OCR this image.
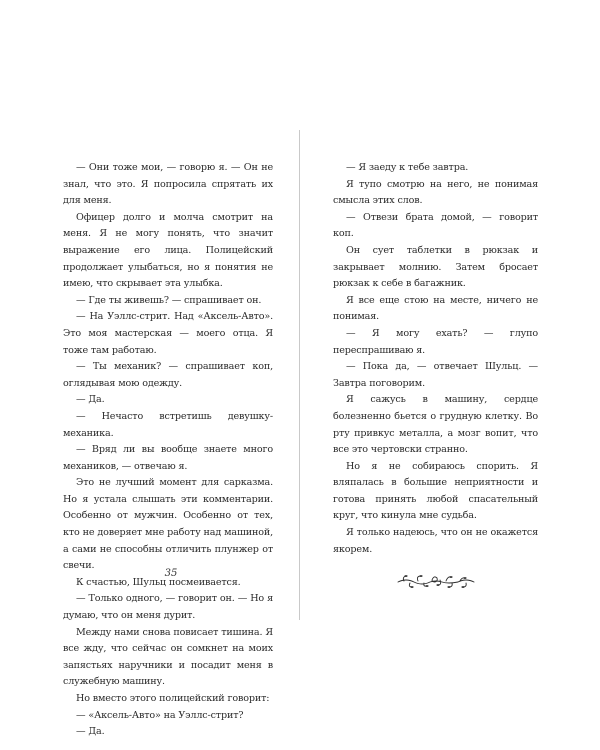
— Они тоже мои, — говорю я. — Он не знал, что это. Я попросила спрятать их для меня.

Офицер долго и молча смотрит на меня. Я не могу понять, что значит выражение его лица. Полицейский продолжает улыбаться, но я понятия не имею, что скрывает эта улыбка.

— Где ты живешь? — спрашивает он.

— На Уэллс-стрит. Над «Аксель-Авто». Это моя мастерская — моего отца. Я тоже там работаю.

— Ты механик? — спрашивает коп, оглядывая мою одежду.

— Да.

— Нечасто встретишь девушку-механика.

— Вряд ли вы вообще знаете много механиков, — отвечаю я.

Это не лучший момент для сарказма. Но я устала слышать эти комментарии. Особенно от мужчин. Особенно от тех, кто не доверяет мне работу над машиной, а сами не способны отличить плунжер от свечи.

К счастью, Шульц посмеивается.

— Только одного, — говорит он. — Но я думаю, что он меня дурит.

Между нами снова повисает тишина. Я все жду, что сейчас он сомкнет на моих запястьях наручники и посадит меня в служебную машину.

Но вместо этого полицейский говорит:

— «Аксель-Авто» на Уэллс-стрит?

— Да.

35

— Я заеду к тебе завтра.

Я тупо смотрю на него, не понимая смысла этих слов.

— Отвези брата домой, — говорит коп.

Он сует таблетки в рюкзак и закрывает молнию. Затем бросает рюкзак к себе в багажник.

Я все еще стою на месте, ничего не понимая.

— Я могу ехать? — глупо переспрашиваю я.

— Пока да, — отвечает Шульц. — Завтра поговорим.

Я сажусь в машину, сердце болезненно бьется о грудную клетку. Во рту привкус металла, а мозг вопит, что все это чертовски странно.

Но я не собираюсь спорить. Я вляпалась в большие неприятности и готова принять любой спасательный круг, что кинула мне судьба.

Я только надеюсь, что он не окажется якорем.
